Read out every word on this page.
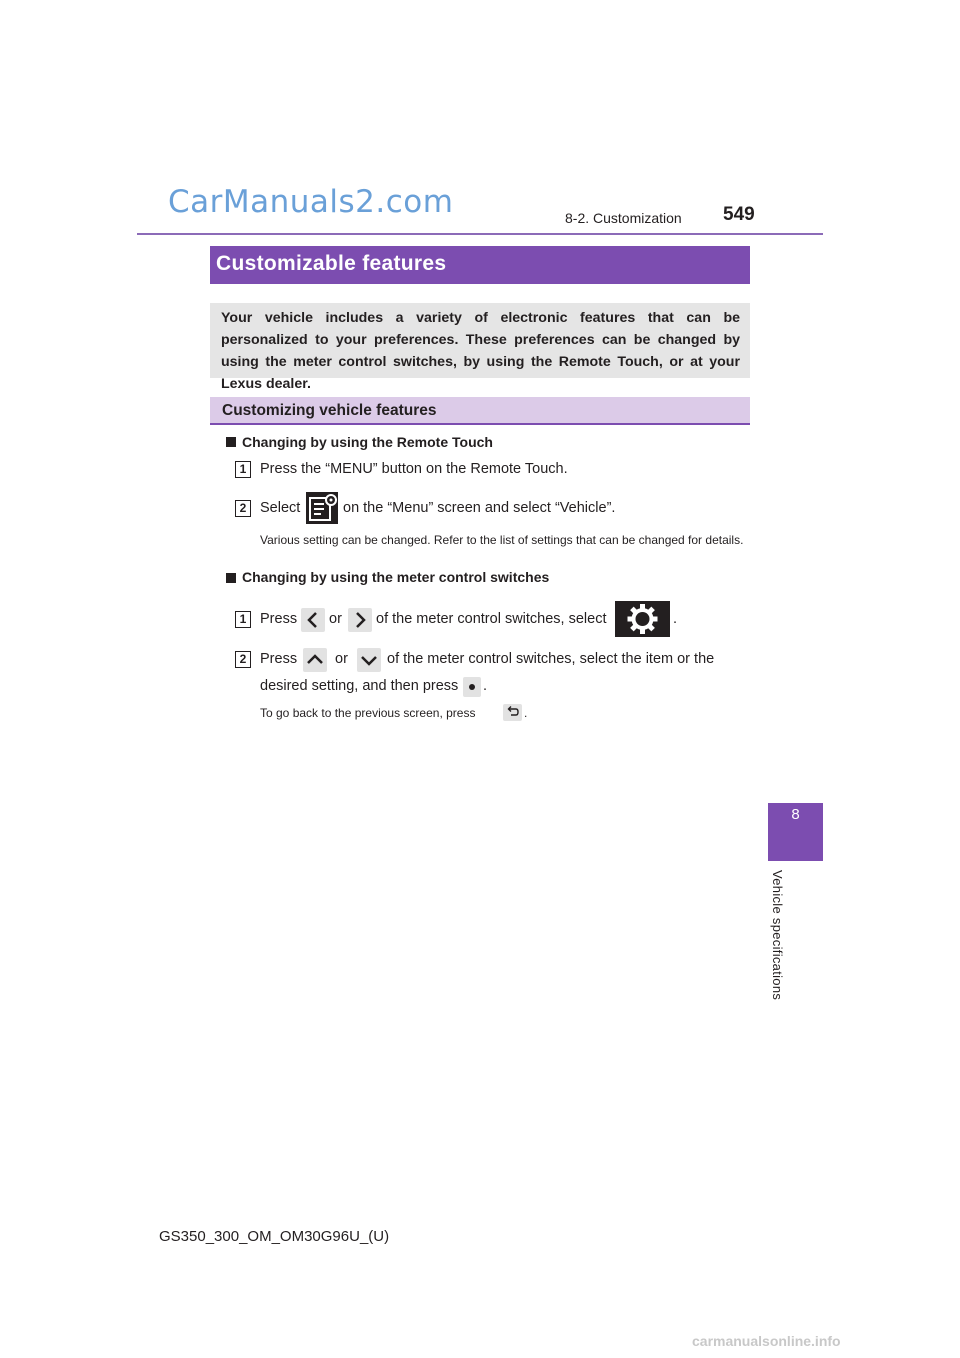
CarManuals2.com	8-2. Customization 549
8
Vehicle specifications
Customizable features

Your vehicle includes a variety of electronic features that can be personalized to your preferences. These preferences can be changed by using the meter control switches, by using the Remote Touch, or at your Lexus dealer.

Customizing vehicle features
Changing by using the Remote Touch
1 Press the “MENU” button on the Remote Touch.
2 Select	on the “Menu” screen and select “Vehicle”.
Various setting can be changed. Refer to the list of settings that can be changed for details.
Changing by using the meter control switches
1 Press or of the meter control switches, select	.
2 Press	or	of the meter control switches, select the item or the
desired setting, and then press .
To go back to the previous screen, press	.
GS350_300_OM_OM30G96U_(U)
carmanualsonline.info
